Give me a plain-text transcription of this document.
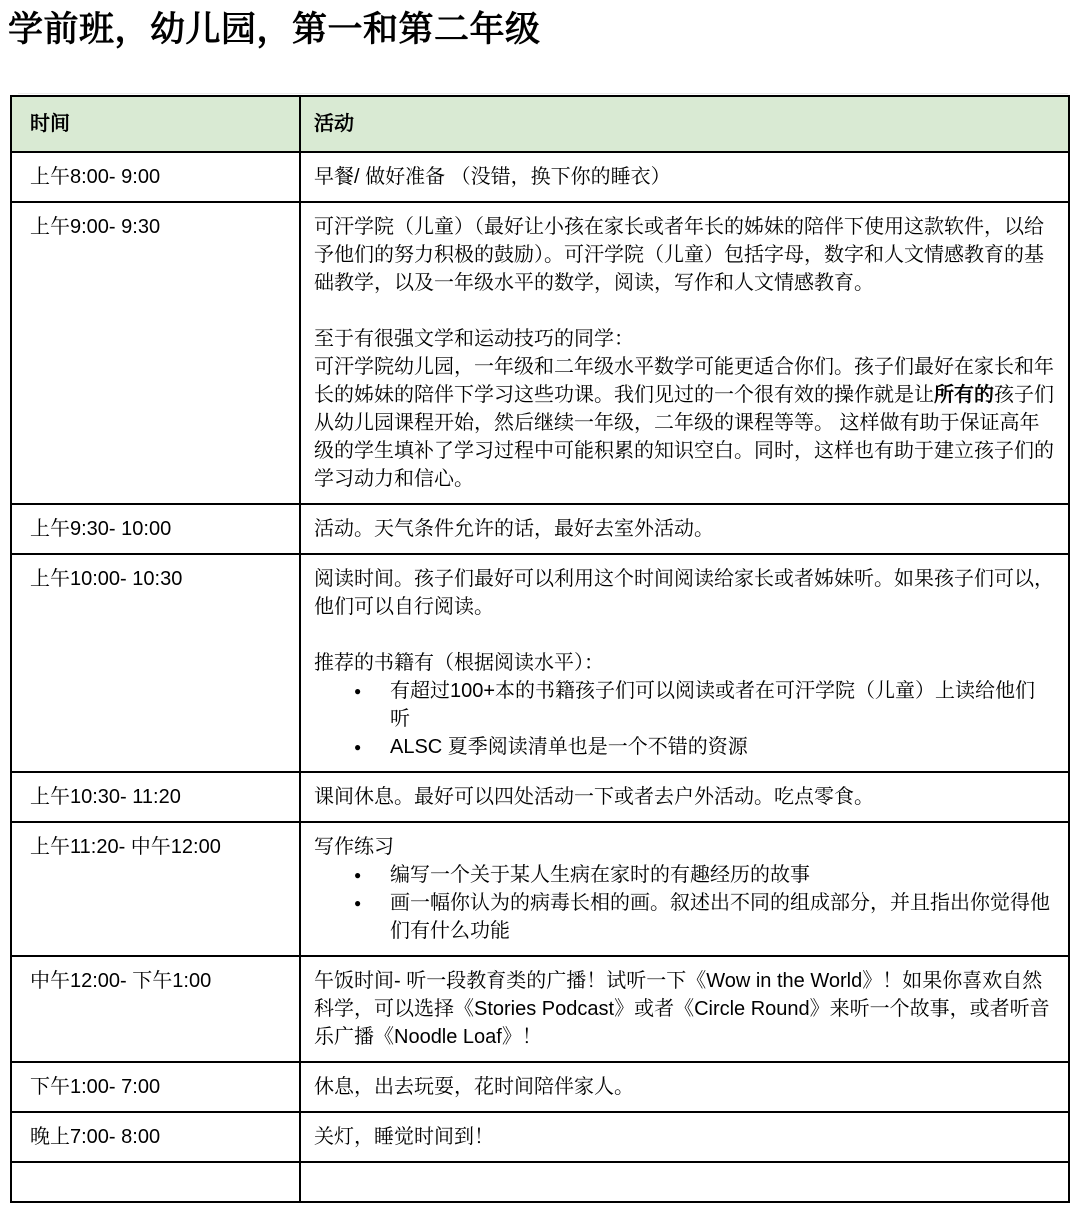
学前班，幼儿园，第一和第二年级
时间	活动
上午8:00- 9:00	早餐/ 做好准备 （没错，换下你的睡衣）

上午9:00- 9:30	可汗学院（儿童）（最好让小孩在家长或者年长的姊妹的陪伴下使用这款软件，以给予他们的努力积极的鼓励）。可汗学院（儿童）包括字母，数字和人文情感教育的基础教学，以及一年级水平的数学，阅读，写作和人文情感教育。

至于有很强文学和运动技巧的同学：
可汗学院幼儿园，一年级和二年级水平数学可能更适合你们。孩子们最好在家长和年长的姊妹的陪伴下学习这些功课。我们见过的一个很有效的操作就是让所有的孩子们从幼儿园课程开始，然后继续一年级，二年级的课程等等。 这样做有助于保证高年级的学生填补了学习过程中可能积累的知识空白。同时，这样也有助于建立孩子们的学习动力和信心。

上午9:30- 10:00	活动。天气条件允许的话，最好去室外活动。

上午10:00- 10:30	阅读时间。孩子们最好可以利用这个时间阅读给家长或者姊妹听。如果孩子们可以，他们可以自行阅读。

推荐的书籍有（根据阅读水平）：
●	有超过100+本的书籍孩子们可以阅读或者在可汗学院（儿童）上读给他们听
●	ALSC 夏季阅读清单也是一个不错的资源

上午10:30- 11:20	课间休息。最好可以四处活动一下或者去户外活动。吃点零食。

上午11:20- 中午12:00	写作练习
● 编写一个关于某人生病在家时的有趣经历的故事
● 画一幅你认为的病毒长相的画。叙述出不同的组成部分，并且指出你觉得他们有什么功能

中午12:00- 下午1:00	午饭时间- 听一段教育类的广播！试听一下《Wow in the World》！如果你喜欢自然科学，可以选择《Stories Podcast》或者《Circle Round》来听一个故事，或者听音乐广播《Noodle Loaf》！

下午1:00- 7:00	休息，出去玩耍，花时间陪伴家人。

晚上7:00- 8:00	关灯，睡觉时间到！
